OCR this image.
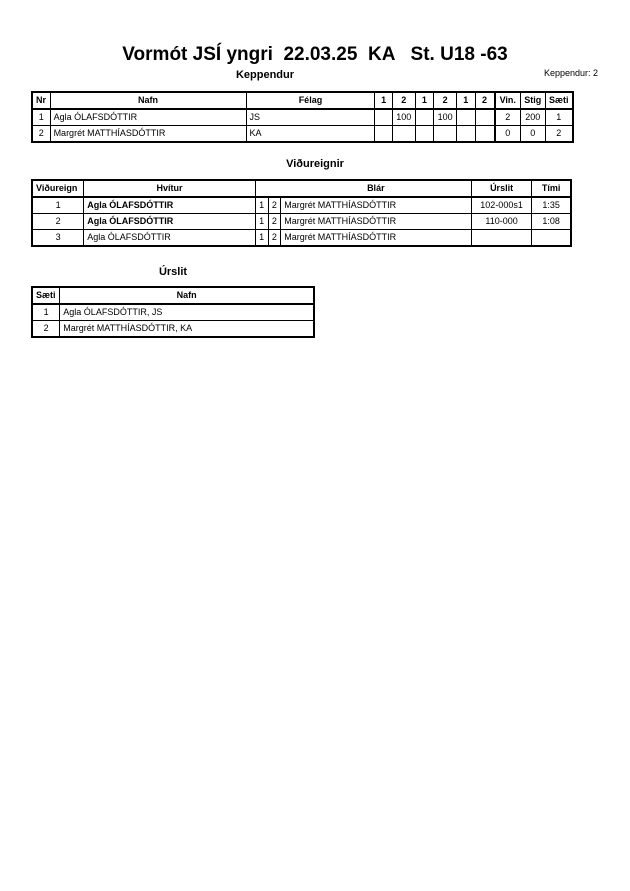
Vormót JSÍ yngri  22.03.25  KA   St. U18 -63
Keppendur	Keppendur: 2
Nr	Nafn	Félag	1	2	1	2	1	2	Vin.	Stig	Sæti
1	Agla ÓLAFSDÓTTIR	JS		100		100			2	200	1
2	Margrét MATTHÍASDÓTTIR	KA							0	0	2
Viðureignir
Viðureign	Hvítur			Blár	Úrslit	Tími
1	Agla ÓLAFSDÓTTIR	1	2	Margrét MATTHÍASDÓTTIR	102-000s1	1:35
2	Agla ÓLAFSDÓTTIR	1	2	Margrét MATTHÍASDÓTTIR	110-000	1:08
3	Agla ÓLAFSDÓTTIR	1	2	Margrét MATTHÍASDÓTTIR		
Úrslit
Sæti	Nafn
1	Agla ÓLAFSDÓTTIR, JS
2	Margrét MATTHÍASDÓTTIR, KA
